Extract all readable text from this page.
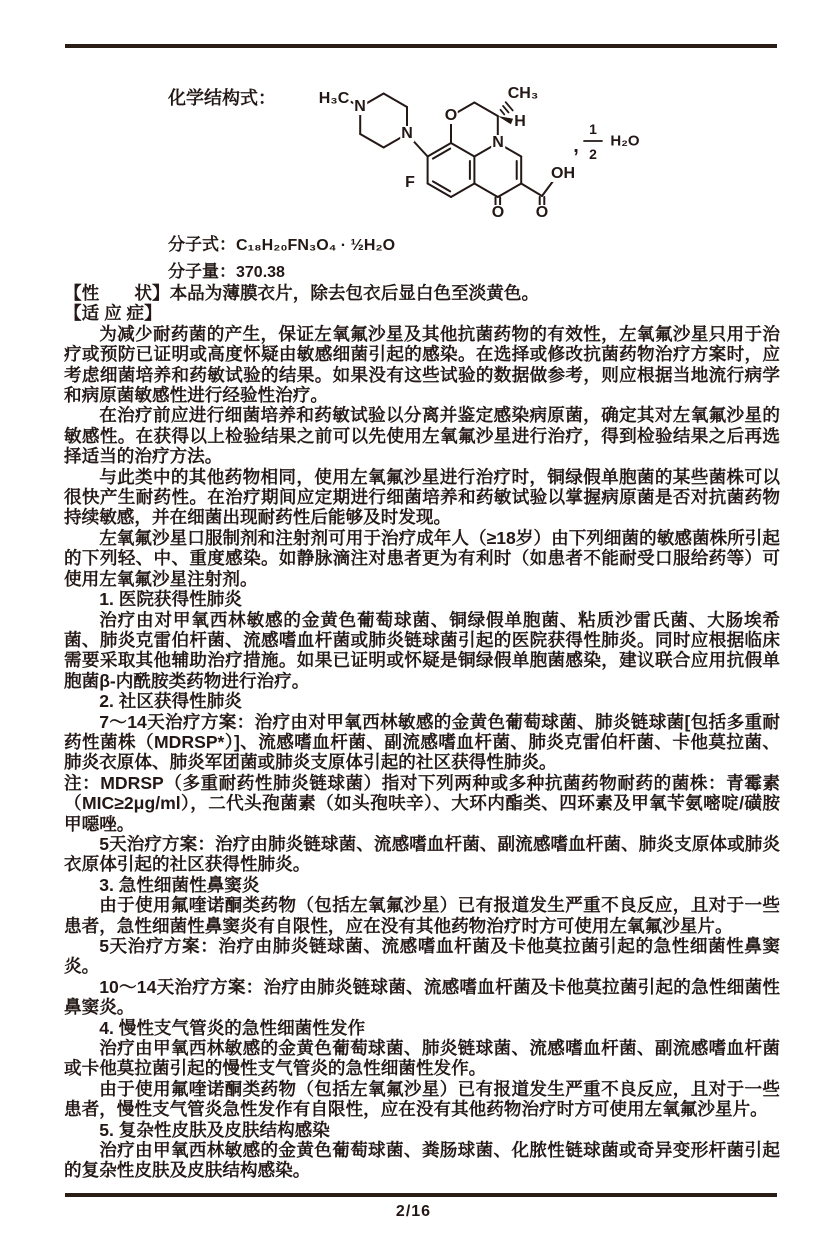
化学结构式：	H₃C N
N
O
N
CH₃
H
F
O O
OH
,
1
2
H₂O
分子式：C₁₈H₂₀FN₃O₄ · ½H₂O
分子量：370.38

【性　　状】本品为薄膜衣片，除去包衣后显白色至淡黄色。

【适 应 症】

为减少耐药菌的产生，保证左氧氟沙星及其他抗菌药物的有效性，左氧氟沙星只用于治疗或预防已证明或高度怀疑由敏感细菌引起的感染。在选择或修改抗菌药物治疗方案时，应考虑细菌培养和药敏试验的结果。如果没有这些试验的数据做参考，则应根据当地流行病学和病原菌敏感性进行经验性治疗。

在治疗前应进行细菌培养和药敏试验以分离并鉴定感染病原菌，确定其对左氧氟沙星的敏感性。在获得以上检验结果之前可以先使用左氧氟沙星进行治疗，得到检验结果之后再选择适当的治疗方法。

与此类中的其他药物相同，使用左氧氟沙星进行治疗时，铜绿假单胞菌的某些菌株可以很快产生耐药性。在治疗期间应定期进行细菌培养和药敏试验以掌握病原菌是否对抗菌药物持续敏感，并在细菌出现耐药性后能够及时发现。

左氧氟沙星口服制剂和注射剂可用于治疗成年人（≥18岁）由下列细菌的敏感菌株所引起的下列轻、中、重度感染。如静脉滴注对患者更为有利时（如患者不能耐受口服给药等）可使用左氧氟沙星注射剂。

1. 医院获得性肺炎

治疗由对甲氧西林敏感的金黄色葡萄球菌、铜绿假单胞菌、粘质沙雷氏菌、大肠埃希菌、肺炎克雷伯杆菌、流感嗜血杆菌或肺炎链球菌引起的医院获得性肺炎。同时应根据临床需要采取其他辅助治疗措施。如果已证明或怀疑是铜绿假单胞菌感染，建议联合应用抗假单胞菌β-内酰胺类药物进行治疗。

2. 社区获得性肺炎

7～14天治疗方案：治疗由对甲氧西林敏感的金黄色葡萄球菌、肺炎链球菌[包括多重耐药性菌株（MDRSP*）]、流感嗜血杆菌、副流感嗜血杆菌、肺炎克雷伯杆菌、卡他莫拉菌、肺炎衣原体、肺炎军团菌或肺炎支原体引起的社区获得性肺炎。

注：MDRSP（多重耐药性肺炎链球菌）指对下列两种或多种抗菌药物耐药的菌株：青霉素（MIC≥2μg/ml），二代头孢菌素（如头孢呋辛）、大环内酯类、四环素及甲氧苄氨嘧啶/磺胺甲噁唑。

5天治疗方案：治疗由肺炎链球菌、流感嗜血杆菌、副流感嗜血杆菌、肺炎支原体或肺炎衣原体引起的社区获得性肺炎。

3. 急性细菌性鼻窦炎

由于使用氟喹诺酮类药物（包括左氧氟沙星）已有报道发生严重不良反应，且对于一些患者，急性细菌性鼻窦炎有自限性，应在没有其他药物治疗时方可使用左氧氟沙星片。

5天治疗方案：治疗由肺炎链球菌、流感嗜血杆菌及卡他莫拉菌引起的急性细菌性鼻窦炎。

10～14天治疗方案：治疗由肺炎链球菌、流感嗜血杆菌及卡他莫拉菌引起的急性细菌性鼻窦炎。

4. 慢性支气管炎的急性细菌性发作

治疗由甲氧西林敏感的金黄色葡萄球菌、肺炎链球菌、流感嗜血杆菌、副流感嗜血杆菌或卡他莫拉菌引起的慢性支气管炎的急性细菌性发作。

由于使用氟喹诺酮类药物（包括左氧氟沙星）已有报道发生严重不良反应，且对于一些患者，慢性支气管炎急性发作有自限性，应在没有其他药物治疗时方可使用左氧氟沙星片。

5. 复杂性皮肤及皮肤结构感染

治疗由甲氧西林敏感的金黄色葡萄球菌、粪肠球菌、化脓性链球菌或奇异变形杆菌引起的复杂性皮肤及皮肤结构感染。

2/16
